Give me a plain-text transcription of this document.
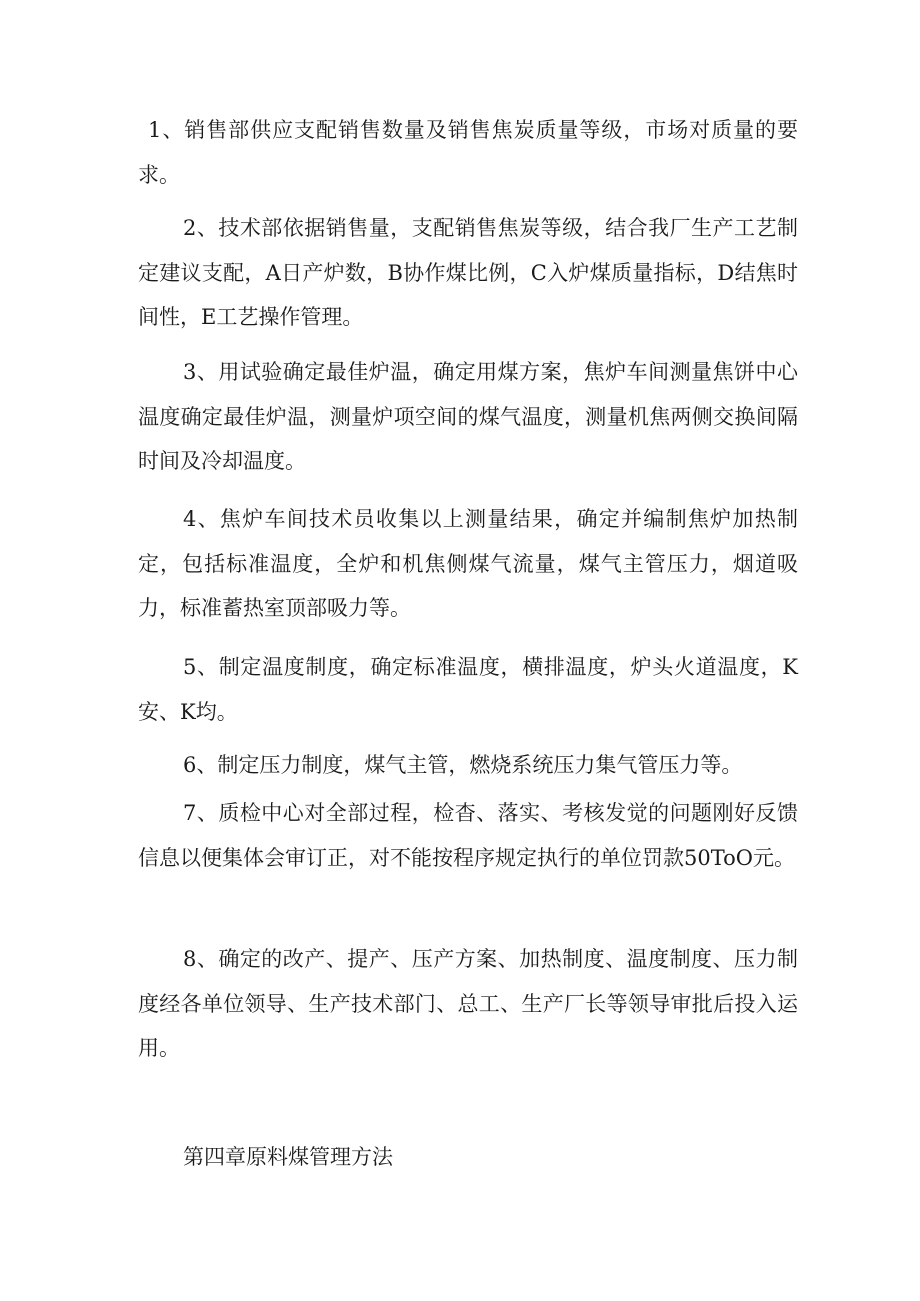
1、销售部供应支配销售数量及销售焦炭质量等级，市场对质量的要求。

2、技术部依据销售量，支配销售焦炭等级，结合我厂生产工艺制定建议支配，A日产炉数，B协作煤比例，C入炉煤质量指标，D结焦时间性，E工艺操作管理。

3、用试验确定最佳炉温，确定用煤方案，焦炉车间测量焦饼中心温度确定最佳炉温，测量炉项空间的煤气温度，测量机焦两侧交换间隔时间及冷却温度。

4、焦炉车间技术员收集以上测量结果，确定并编制焦炉加热制定，包括标准温度，全炉和机焦侧煤气流量，煤气主管压力，烟道吸力，标准蓄热室顶部吸力等。

5、制定温度制度，确定标准温度，横排温度，炉头火道温度，K安、K均。

6、制定压力制度，煤气主管，燃烧系统压力集气管压力等。

7、质检中心对全部过程，检杳、落实、考核发觉的问题刚好反馈信息以便集体会审订正，对不能按程序规定执行的单位罚款50ToO元。

8、确定的改产、提产、压产方案、加热制度、温度制度、压力制度经各单位领导、生产技术部门、总工、生产厂长等领导审批后投入运用。

第四章原料煤管理方法
